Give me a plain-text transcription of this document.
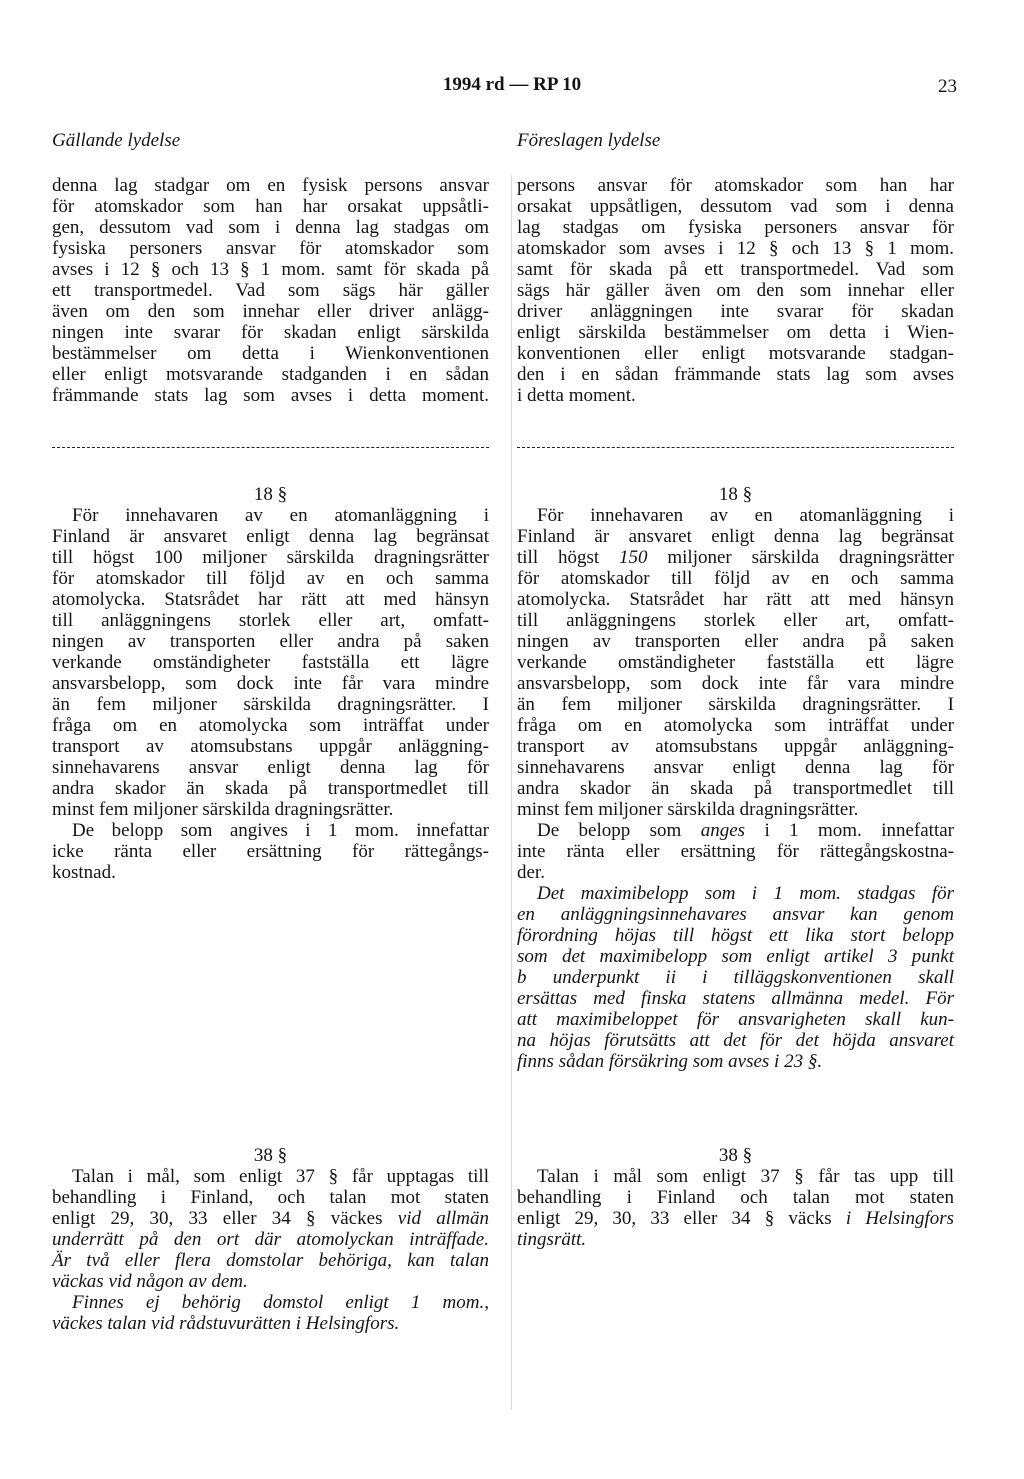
1994 rd — RP 10	23
Gällande lydelse	Föreslagen lydelse
denna lag stadgar om en fysisk persons ansvar
för atomskador som han har orsakat uppsåtli-
gen, dessutom vad som i denna lag stadgas om
fysiska personers ansvar för atomskador som
avses i 12 § och 13 § 1 mom. samt för skada på
ett transportmedel. Vad som sägs här gäller
även om den som innehar eller driver anlägg-
ningen inte svarar för skadan enligt särskilda
bestämmelser om detta i Wienkonventionen
eller enligt motsvarande stadganden i en sådan
främmande stats lag som avses i detta moment.
18 §
För innehavaren av en atomanläggning i
Finland är ansvaret enligt denna lag begränsat
till högst 100 miljoner särskilda dragningsrätter
för atomskador till följd av en och samma
atomolycka. Statsrådet har rätt att med hänsyn
till anläggningens storlek eller art, omfatt-
ningen av transporten eller andra på saken
verkande omständigheter fastställa ett lägre
ansvarsbelopp, som dock inte får vara mindre
än fem miljoner särskilda dragningsrätter. I
fråga om en atomolycka som inträffat under
transport av atomsubstans uppgår anläggning-
sinnehavarens ansvar enligt denna lag för
andra skador än skada på transportmedlet till
minst fem miljoner särskilda dragningsrätter.
De belopp som angives i 1 mom. innefattar
icke ränta eller ersättning för rättegångs-
kostnad.
38 §
Talan i mål, som enligt 37 § får upptagas till
behandling i Finland, och talan mot staten
enligt 29, 30, 33 eller 34 § väckes vid allmän
underrätt på den ort där atomolyckan inträffade.
Är två eller flera domstolar behöriga, kan talan
väckas vid någon av dem.
Finnes ej behörig domstol enligt 1 mom.,
väckes talan vid rådstuvurätten i Helsingfors.
persons ansvar för atomskador som han har
orsakat uppsåtligen, dessutom vad som i denna
lag stadgas om fysiska personers ansvar för
atomskador som avses i 12 § och 13 § 1 mom.
samt för skada på ett transportmedel. Vad som
sägs här gäller även om den som innehar eller
driver anläggningen inte svarar för skadan
enligt särskilda bestämmelser om detta i Wien-
konventionen eller enligt motsvarande stadgan-
den i en sådan främmande stats lag som avses
i detta moment.
18 §
För innehavaren av en atomanläggning i
Finland är ansvaret enligt denna lag begränsat
till högst 150 miljoner särskilda dragningsrätter
för atomskador till följd av en och samma
atomolycka. Statsrådet har rätt att med hänsyn
till anläggningens storlek eller art, omfatt-
ningen av transporten eller andra på saken
verkande omständigheter fastställa ett lägre
ansvarsbelopp, som dock inte får vara mindre
än fem miljoner särskilda dragningsrätter. I
fråga om en atomolycka som inträffat under
transport av atomsubstans uppgår anläggning-
sinnehavarens ansvar enligt denna lag för
andra skador än skada på transportmedlet till
minst fem miljoner särskilda dragningsrätter.
De belopp som anges i 1 mom. innefattar
inte ränta eller ersättning för rättegångskostna-
der.
Det maximibelopp som i 1 mom. stadgas för
en anläggningsinnehavares ansvar kan genom
förordning höjas till högst ett lika stort belopp
som det maximibelopp som enligt artikel 3 punkt
b underpunkt ii i tilläggskonventionen skall
ersättas med finska statens allmänna medel. För
att maximibeloppet för ansvarigheten skall kun-
na höjas förutsätts att det för det höjda ansvaret
finns sådan försäkring som avses i 23 §.
38 §
Talan i mål som enligt 37 § får tas upp till
behandling i Finland och talan mot staten
enligt 29, 30, 33 eller 34 § väcks i Helsingfors
tingsrätt.
